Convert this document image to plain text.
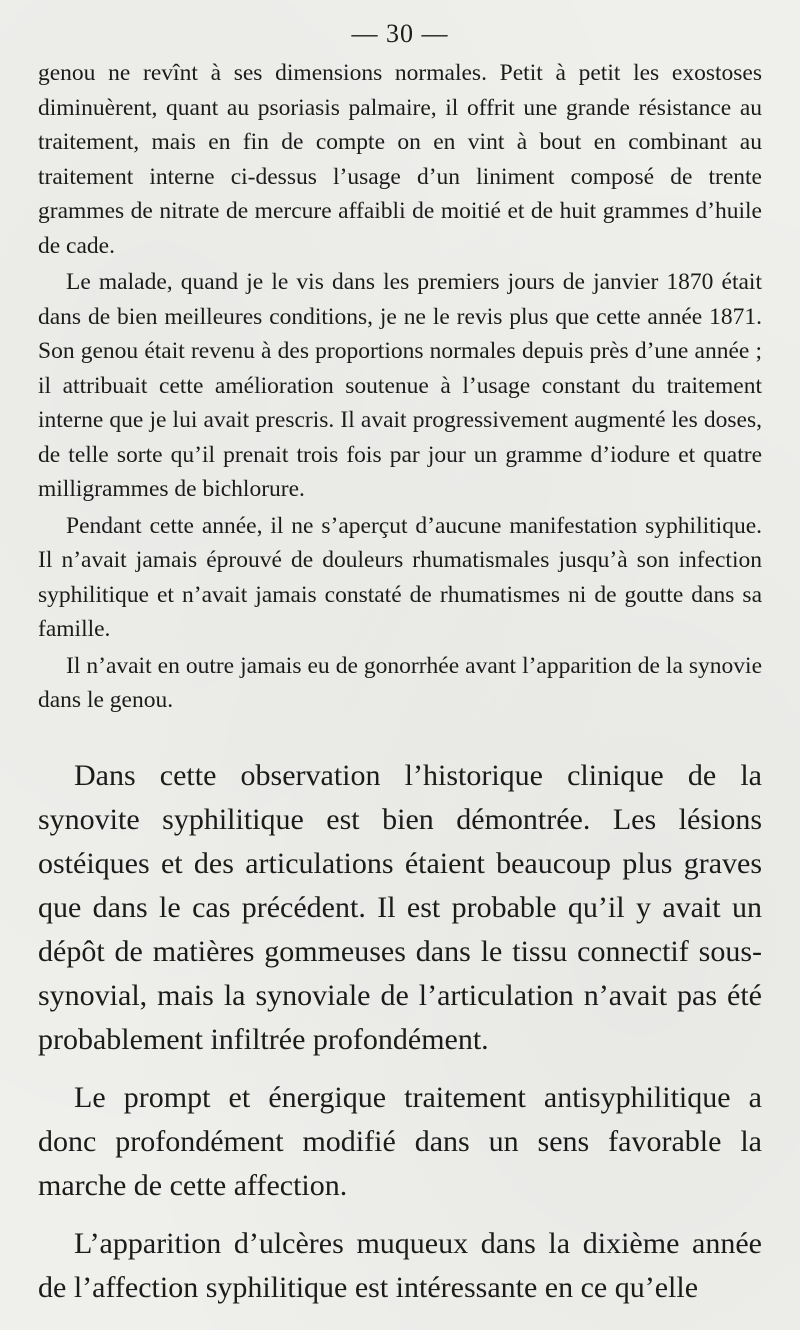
— 30 —

genou ne revînt à ses dimensions normales. Petit à petit les exostoses diminuèrent, quant au psoriasis palmaire, il offrit une grande résistance au traitement, mais en fin de compte on en vint à bout en combinant au traitement interne ci-dessus l’usage d’un liniment composé de trente grammes de nitrate de mercure affaibli de moitié et de huit grammes d’huile de cade.

Le malade, quand je le vis dans les premiers jours de janvier 1870 était dans de bien meilleures conditions, je ne le revis plus que cette année 1871. Son genou était revenu à des proportions normales depuis près d’une année ; il attribuait cette amélioration soutenue à l’usage constant du traitement interne que je lui avait prescris. Il avait progressivement augmenté les doses, de telle sorte qu’il prenait trois fois par jour un gramme d’iodure et quatre milligrammes de bichlorure.

Pendant cette année, il ne s’aperçut d’aucune manifestation syphilitique. Il n’avait jamais éprouvé de douleurs rhumatismales jusqu’à son infection syphilitique et n’avait jamais constaté de rhumatismes ni de goutte dans sa famille.

Il n’avait en outre jamais eu de gonorrhée avant l’apparition de la synovie dans le genou.

Dans cette observation l’historique clinique de la synovite syphilitique est bien démontrée. Les lésions ostéiques et des articulations étaient beaucoup plus graves que dans le cas précédent. Il est probable qu’il y avait un dépôt de matières gommeuses dans le tissu connectif sous-synovial, mais la synoviale de l’articulation n’avait pas été probablement infiltrée profondément.

Le prompt et énergique traitement antisyphilitique a donc profondément modifié dans un sens favorable la marche de cette affection.

L’apparition d’ulcères muqueux dans la dixième année de l’affection syphilitique est intéressante en ce qu’elle
